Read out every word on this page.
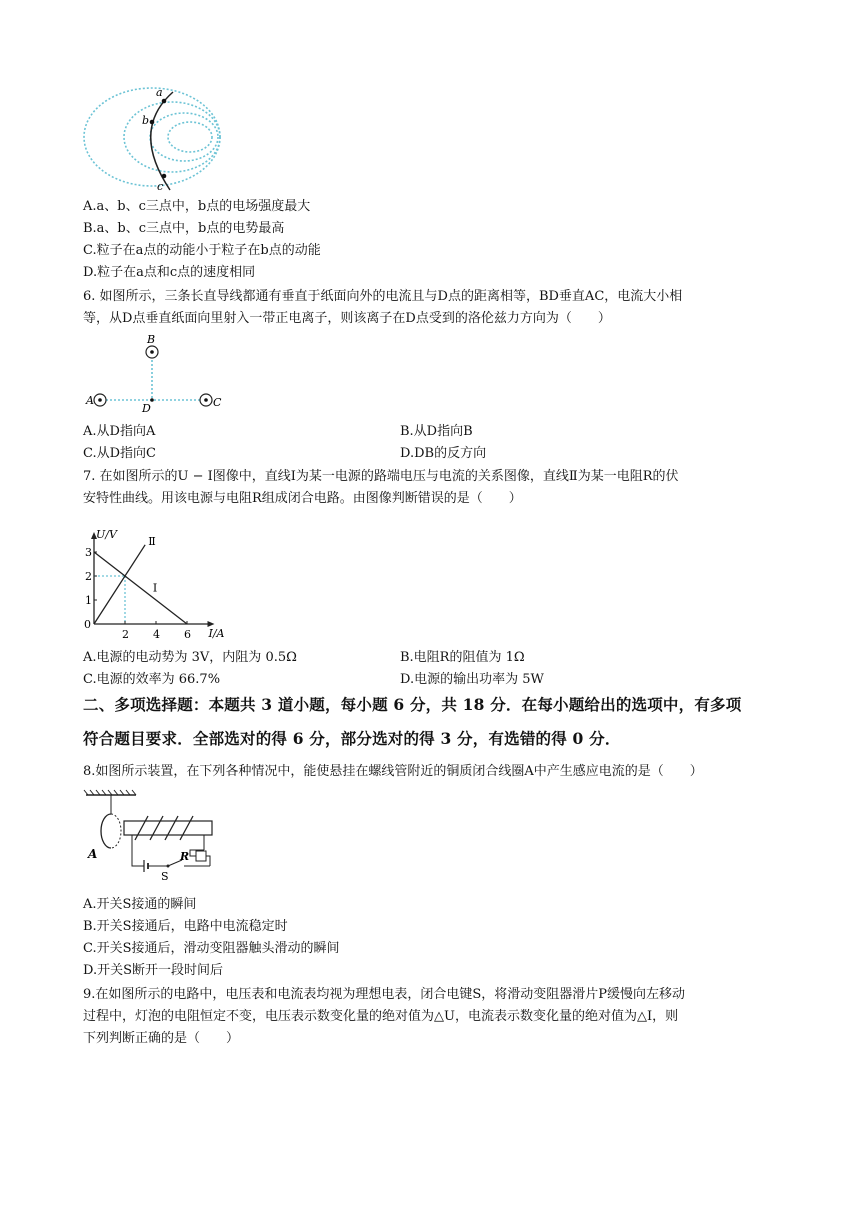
a
b
c
A.a、b、c三点中，b点的电场强度最大
B.a、b、c三点中，b点的电势最高
C.粒子在a点的动能小于粒子在b点的动能
D.粒子在a点和c点的速度相同
6. 如图所示，三条长直导线都通有垂直于纸面向外的电流且与D点的距离相等，BD垂直AC，电流大小相
等，从D点垂直纸面向里射入一带正电离子，则该离子在D点受到的洛伦兹力方向为（　　）
B
A	C
D
A.从D指向A	B.从D指向B
C.从D指向C	D.DB的反方向
7. 在如图所示的U − I图像中，直线Ⅰ为某一电源的路端电压与电流的关系图像，直线Ⅱ为某一电阻R的伏
安特性曲线。用该电源与电阻R组成闭合电路。由图像判断错误的是（　　）
I/A
U/V
0
Ⅰ
Ⅱ
2 4 6
1
2
3
A.电源的电动势为 3V，内阻为 0.5Ω	B.电阻R的阻值为 1Ω
C.电源的效率为 66.7%	D.电源的输出功率为 5W
二、多项选择题：本题共 3 道小题，每小题 6 分，共 18 分．在每小题给出的选项中，有多项
符合题目要求．全部选对的得 6 分，部分选对的得 3 分，有选错的得 0 分．
8.如图所示装置，在下列各种情况中，能使悬挂在螺线管附近的铜质闭合线圈A中产生感应电流的是（　　）
A	R
S
A.开关S接通的瞬间
B.开关S接通后，电路中电流稳定时
C.开关S接通后，滑动变阻器触头滑动的瞬间
D.开关S断开一段时间后
9.在如图所示的电路中，电压表和电流表均视为理想电表，闭合电键S，将滑动变阻器滑片P缓慢向左移动
过程中，灯泡的电阻恒定不变，电压表示数变化量的绝对值为△U，电流表示数变化量的绝对值为△I，则
下列判断正确的是（　　）
